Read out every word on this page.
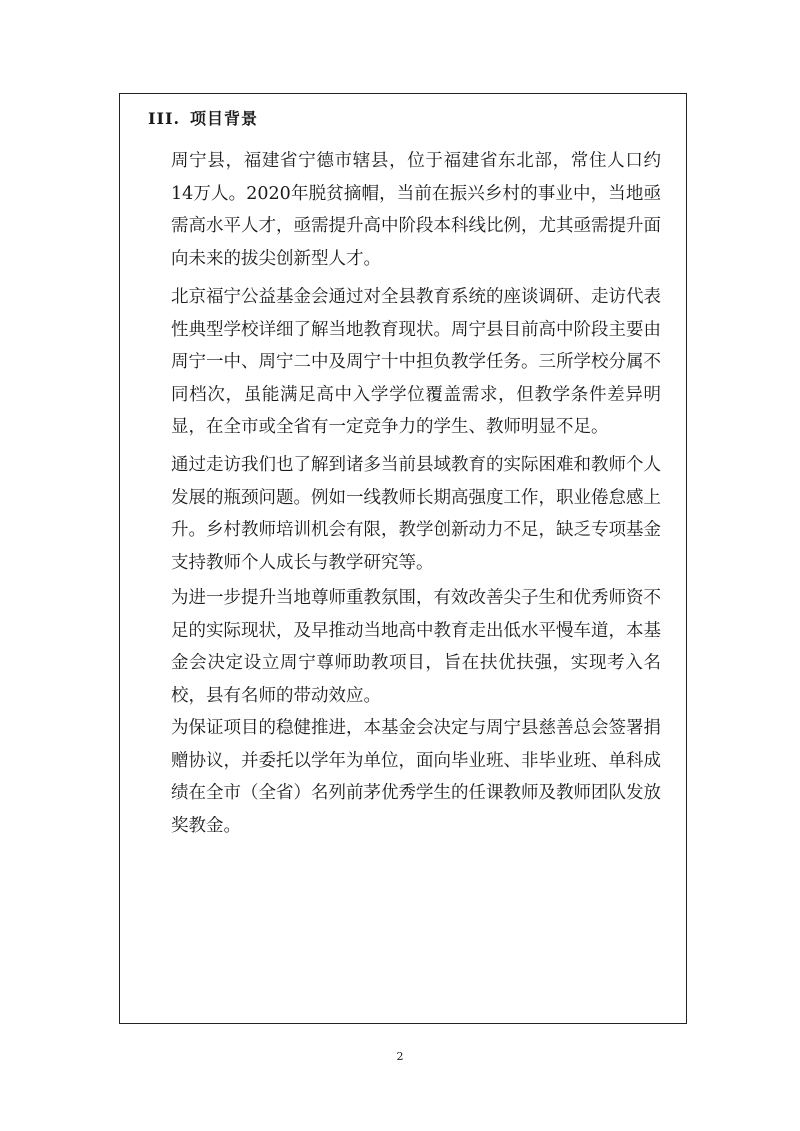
III. 项目背景

周宁县，福建省宁德市辖县，位于福建省东北部，常住人口约14万人。2020年脱贫摘帽，当前在振兴乡村的事业中，当地亟需高水平人才，亟需提升高中阶段本科线比例，尤其亟需提升面向未来的拔尖创新型人才。

北京福宁公益基金会通过对全县教育系统的座谈调研、走访代表性典型学校详细了解当地教育现状。周宁县目前高中阶段主要由周宁一中、周宁二中及周宁十中担负教学任务。三所学校分属不同档次，虽能满足高中入学学位覆盖需求，但教学条件差异明显，在全市或全省有一定竞争力的学生、教师明显不足。

通过走访我们也了解到诸多当前县域教育的实际困难和教师个人发展的瓶颈问题。例如一线教师长期高强度工作，职业倦怠感上升。乡村教师培训机会有限，教学创新动力不足，缺乏专项基金支持教师个人成长与教学研究等。

为进一步提升当地尊师重教氛围，有效改善尖子生和优秀师资不足的实际现状，及早推动当地高中教育走出低水平慢车道，本基金会决定设立周宁尊师助教项目，旨在扶优扶强，实现考入名校，县有名师的带动效应。

为保证项目的稳健推进，本基金会决定与周宁县慈善总会签署捐赠协议，并委托以学年为单位，面向毕业班、非毕业班、单科成绩在全市（全省）名列前茅优秀学生的任课教师及教师团队发放奖教金。

2
